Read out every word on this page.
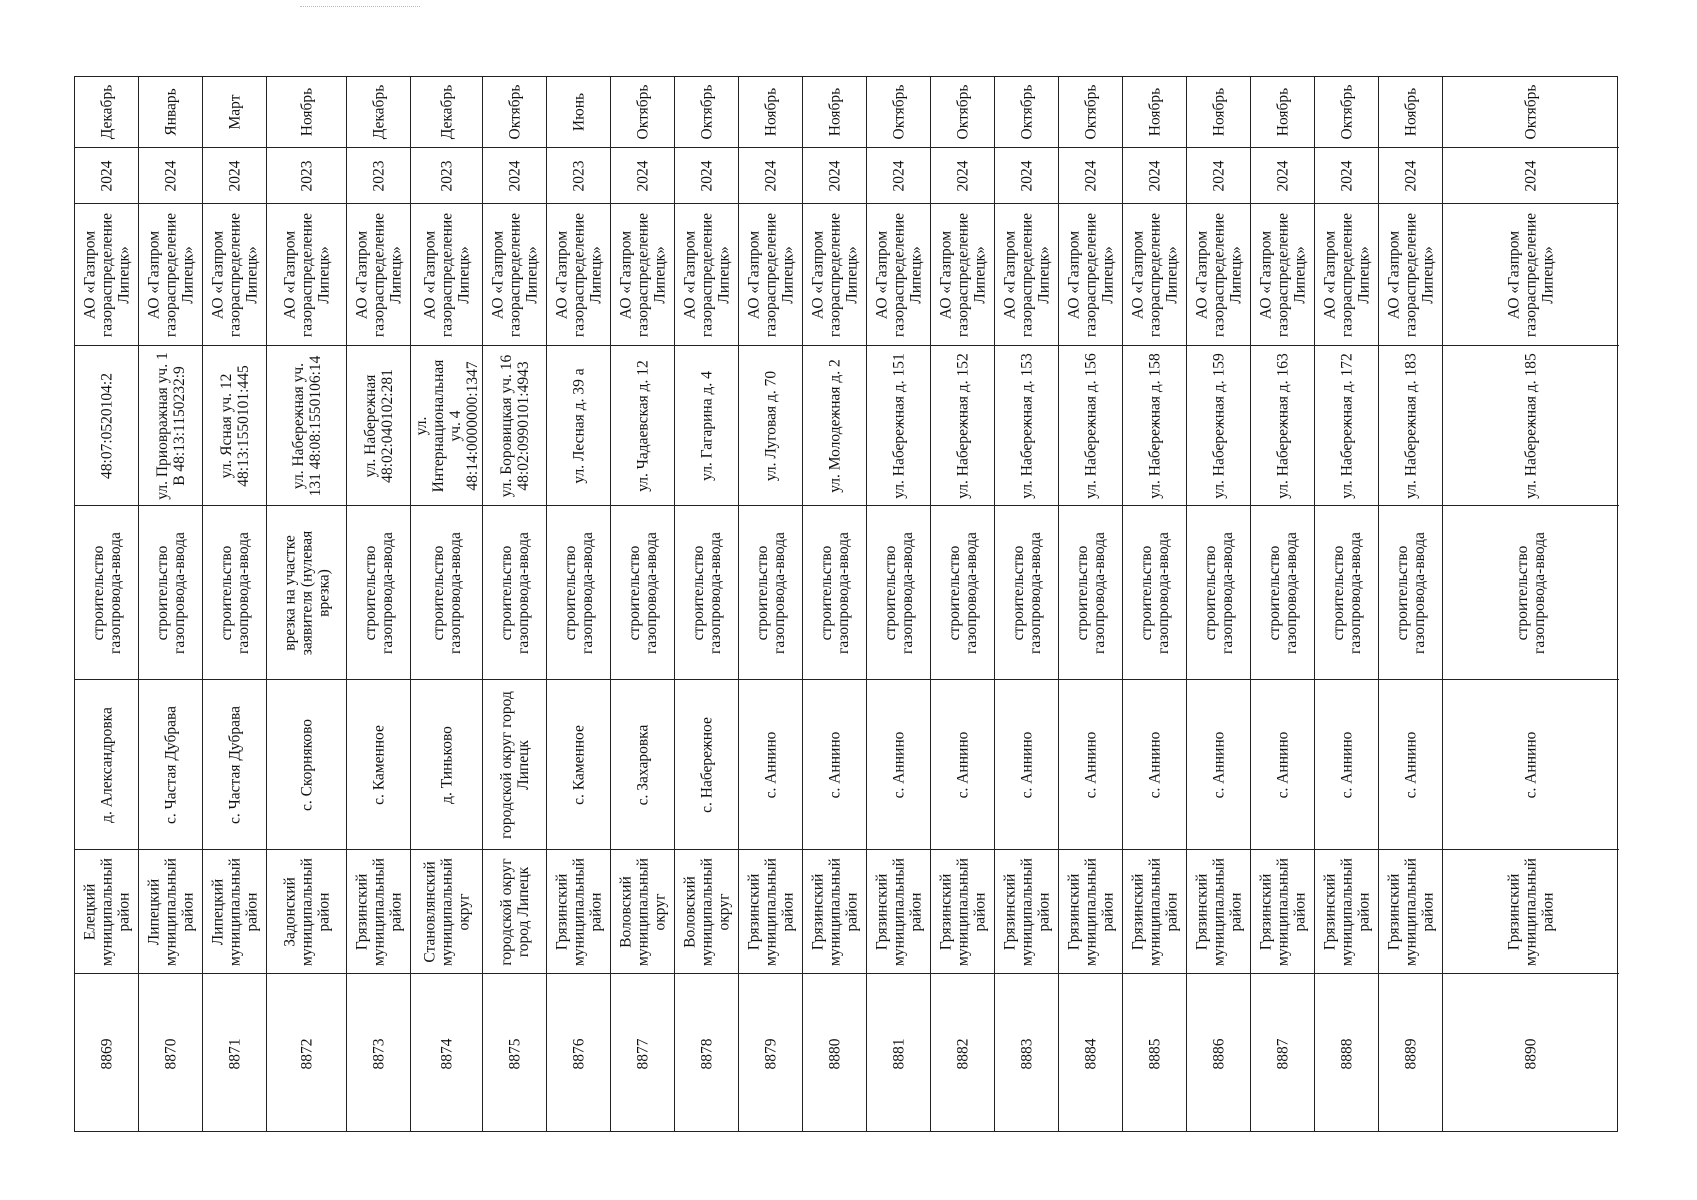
Декабрь
2024
АО «Газпром газораспределение Липецк»
48:07:0520104:2
строительство газопровода-ввода
д. Александровка
Елецкий муниципальный район
8869
Январь
2024
АО «Газпром газораспределение Липецк»
ул. Приовражная уч. 1 В 48:13:1150232:9
строительство газопровода-ввода
с. Частая Дубрава
Липецкий муниципальный район
8870
Март
2024
АО «Газпром газораспределение Липецк»
ул. Ясная уч. 12 48:13:1550101:445
строительство газопровода-ввода
с. Частая Дубрава
Липецкий муниципальный район
8871
Ноябрь
2023
АО «Газпром газораспределение Липецк»
ул. Набережная уч. 131 48:08:1550106:14
врезка на участке заявителя (нулевая врезка)
с. Скорняково
Задонский муниципальный район
8872
Декабрь
2023
АО «Газпром газораспределение Липецк»
ул. Набережная 48:02:040102:281
строительство газопровода-ввода
с. Каменное
Грязинский муниципальный район
8873
Декабрь
2023
АО «Газпром газораспределение Липецк»
ул. Интернациональная уч. 4 48:14:0000000:1347
строительство газопровода-ввода
д. Тиньково
Становлянский муниципальный округ
8874
Октябрь
2024
АО «Газпром газораспределение Липецк»
ул. Боровицкая уч. 16 48:02:0990101:4943
строительство газопровода-ввода
городской округ город Липецк
городской округ город Липецк
8875
Июнь
2023
АО «Газпром газораспределение Липецк»
ул. Лесная д. 39 а
строительство газопровода-ввода
с. Каменное
Грязинский муниципальный район
8876
Октябрь
2024
АО «Газпром газораспределение Липецк»
ул. Чадаевская д. 12
строительство газопровода-ввода
с. Захаровка
Воловский муниципальный округ
8877
Октябрь
2024
АО «Газпром газораспределение Липецк»
ул. Гагарина д. 4
строительство газопровода-ввода
с. Набережное
Воловский муниципальный округ
8878
Ноябрь
2024
АО «Газпром газораспределение Липецк»
ул. Луговая д. 70
строительство газопровода-ввода
с. Аннино
Грязинский муниципальный район
8879
Ноябрь
2024
АО «Газпром газораспределение Липецк»
ул. Молодежная д. 2
строительство газопровода-ввода
с. Аннино
Грязинский муниципальный район
8880
Октябрь
2024
АО «Газпром газораспределение Липецк»
ул. Набережная д. 151
строительство газопровода-ввода
с. Аннино
Грязинский муниципальный район
8881
Октябрь
2024
АО «Газпром газораспределение Липецк»
ул. Набережная д. 152
строительство газопровода-ввода
с. Аннино
Грязинский муниципальный район
8882
Октябрь
2024
АО «Газпром газораспределение Липецк»
ул. Набережная д. 153
строительство газопровода-ввода
с. Аннино
Грязинский муниципальный район
8883
Октябрь
2024
АО «Газпром газораспределение Липецк»
ул. Набережная д. 156
строительство газопровода-ввода
с. Аннино
Грязинский муниципальный район
8884
Ноябрь
2024
АО «Газпром газораспределение Липецк»
ул. Набережная д. 158
строительство газопровода-ввода
с. Аннино
Грязинский муниципальный район
8885
Ноябрь
2024
АО «Газпром газораспределение Липецк»
ул. Набережная д. 159
строительство газопровода-ввода
с. Аннино
Грязинский муниципальный район
8886
Ноябрь
2024
АО «Газпром газораспределение Липецк»
ул. Набережная д. 163
строительство газопровода-ввода
с. Аннино
Грязинский муниципальный район
8887
Октябрь
2024
АО «Газпром газораспределение Липецк»
ул. Набережная д. 172
строительство газопровода-ввода
с. Аннино
Грязинский муниципальный район
8888
Ноябрь
2024
АО «Газпром газораспределение Липецк»
ул. Набережная д. 183
строительство газопровода-ввода
с. Аннино
Грязинский муниципальный район
8889
Октябрь
2024
АО «Газпром газораспределение Липецк»
ул. Набережная д. 185
строительство газопровода-ввода
с. Аннино
Грязинский муниципальный район
8890
